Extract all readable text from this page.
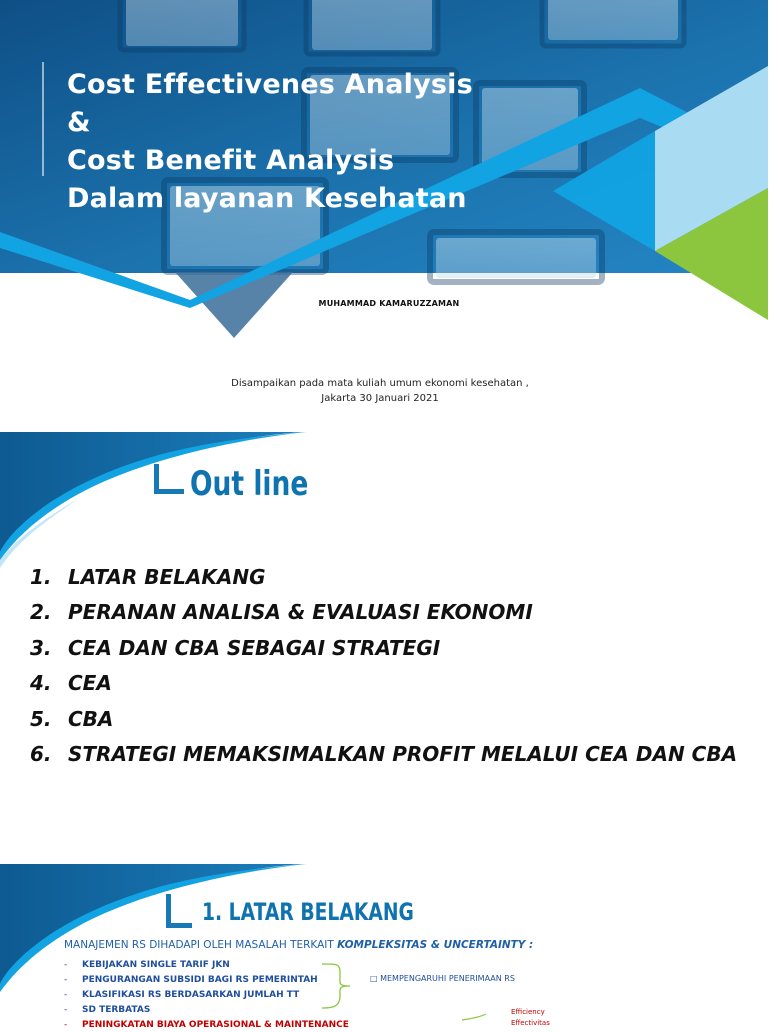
Cost Effectivenes Analysis
&
Cost Benefit Analysis
Dalam layanan Kesehatan
MUHAMMAD KAMARUZZAMAN
Disampaikan pada mata kuliah umum ekonomi kesehatan ,
Jakarta 30 Januari 2021
Out line
1. LATAR BELAKANG
2. PERANAN ANALISA & EVALUASI EKONOMI
3. CEA DAN CBA SEBAGAI STRATEGI
4. CEA
5. CBA
6. STRATEGI MEMAKSIMALKAN PROFIT MELALUI CEA DAN CBA
1. LATAR BELAKANG
MANAJEMEN RS DIHADAPI OLEH MASALAH TERKAIT KOMPLEKSITAS & UNCERTAINTY :
-	KEBIJAKAN SINGLE TARIF JKN
-	PENGURANGAN SUBSIDI BAGI RS PEMERINTAH
-	KLASIFIKASI RS BERDASARKAN JUMLAH TT
-	SD TERBATAS
-	PENINGKATAN BIAYA OPERASIONAL & MAINTENANCE
□ MEMPENGARUHI PENERIMAAN RS
Efficiency
Effectivitas
